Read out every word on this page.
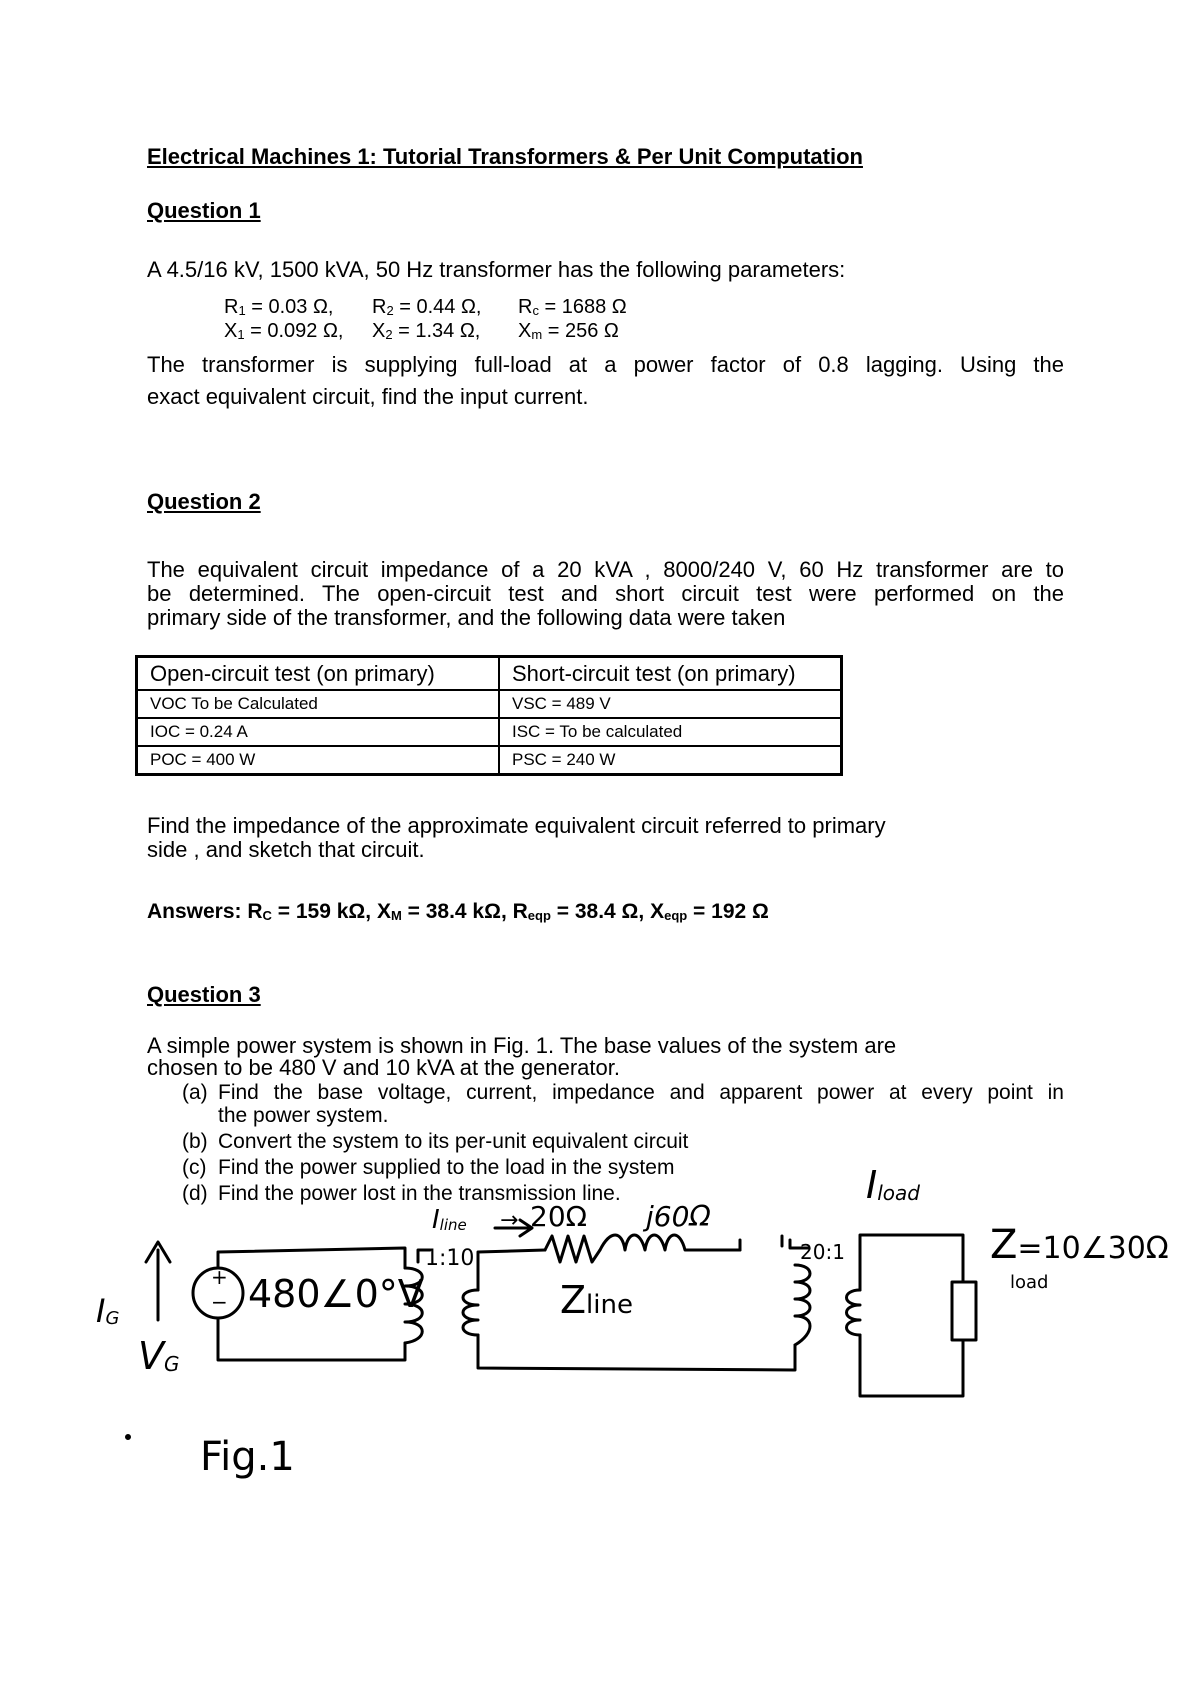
Electrical Machines 1: Tutorial Transformers & Per Unit Computation
Question 1
A 4.5/16 kV, 1500 kVA, 50 Hz transformer has the following parameters:
$R_1 = 0.03$ Ω, $R_2 = 0.44$ Ω, $R_c = 1688$ Ω
$X_1 = 0.092$ Ω, $X_2 = 1.34$ Ω, $X_m = 256$ Ω
The transformer is supplying full-load at a power factor of 0.8 lagging. Using the
exact equivalent circuit, find the input current.
Question 2
The equivalent circuit impedance of a 20 kVA , 8000/240 V, 60 Hz transformer are to
be determined. The open-circuit test and short circuit test were performed on the
primary side of the transformer, and the following data were taken
Open-circuit test (on primary)	Short-circuit test (on primary)
VOC To be Calculated	VSC = 489 V
IOC = 0.24 A	ISC = To be calculated
POC = 400 W	PSC = 240 W
Find the impedance of the approximate equivalent circuit referred to primary
side , and sketch that circuit.
Answers: $R_C = 159$ kΩ, $X_M = 38.4$ kΩ, $R_{eqp} = 38.4$ Ω, $X_{eqp} = 192$ Ω
Question 3
A simple power system is shown in Fig. 1. The base values of the system are
chosen to be 480 V and 10 kVA at the generator.
(a) Find the base voltage, current, impedance and apparent power at every point in
the power system.
(b) Convert the system to its per-unit equivalent circuit
(c) Find the power supplied to the load in the system
(d) Find the power lost in the transmission line.	$I_{load}$
Z=10∠30Ω
load
$I_{line} \to 20\Omega$ j60Ω
1:10	20:1
Zline
480∠0°V
$I_G$
$V_G$
+
−
Fig.1
